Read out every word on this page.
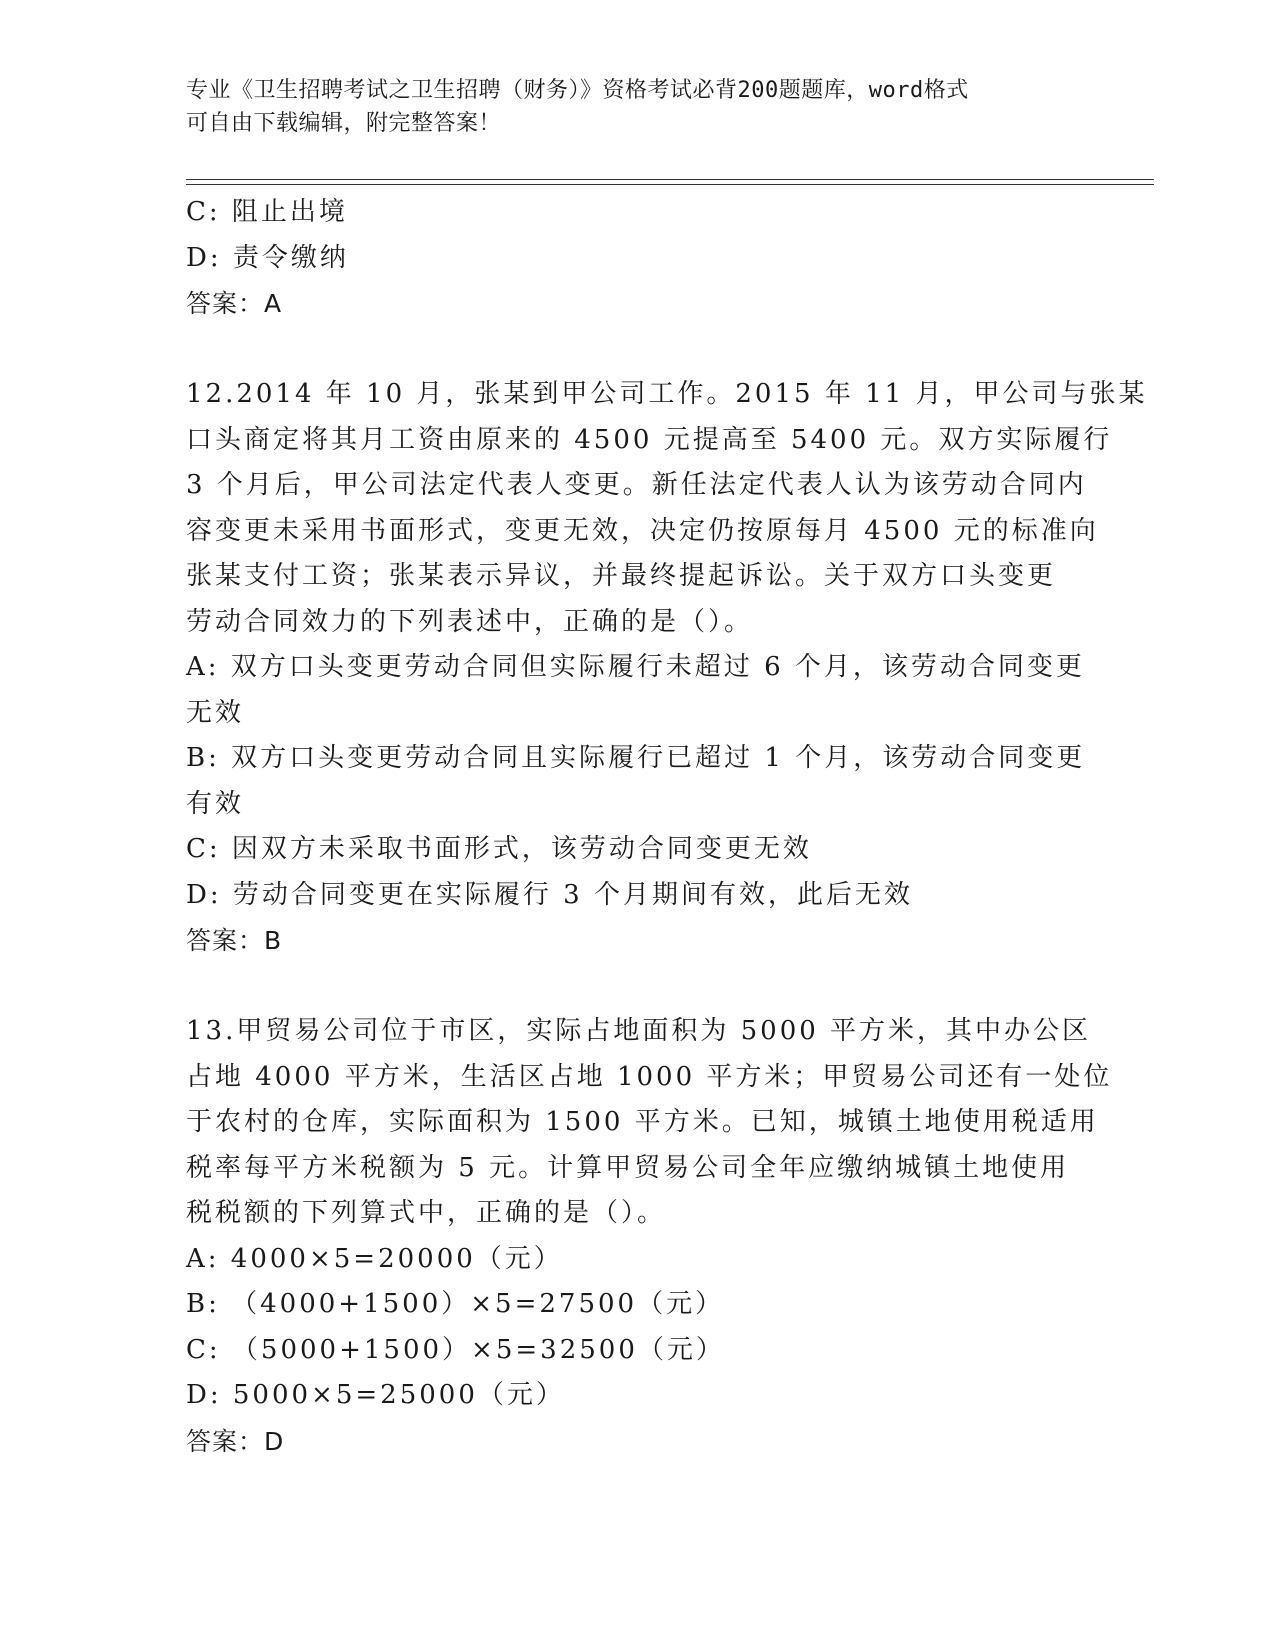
专业《卫生招聘考试之卫生招聘（财务）》资格考试必背200题题库，word格式
可自由下载编辑，附完整答案！
C: 阻止出境
D: 责令缴纳
答案：A
12.2014 年 10 月，张某到甲公司工作。2015 年 11 月，甲公司与张某
口头商定将其月工资由原来的 4500 元提高至 5400 元。双方实际履行
3 个月后，甲公司法定代表人变更。新任法定代表人认为该劳动合同内
容变更未采用书面形式，变更无效，决定仍按原每月 4500 元的标准向
张某支付工资；张某表示异议，并最终提起诉讼。关于双方口头变更
劳动合同效力的下列表述中，正确的是（）。
A: 双方口头变更劳动合同但实际履行未超过 6 个月，该劳动合同变更
无效
B: 双方口头变更劳动合同且实际履行已超过 1 个月，该劳动合同变更
有效
C: 因双方未采取书面形式，该劳动合同变更无效
D: 劳动合同变更在实际履行 3 个月期间有效，此后无效
答案：B
13.甲贸易公司位于市区，实际占地面积为 5000 平方米，其中办公区
占地 4000 平方米，生活区占地 1000 平方米；甲贸易公司还有一处位
于农村的仓库，实际面积为 1500 平方米。已知，城镇土地使用税适用
税率每平方米税额为 5 元。计算甲贸易公司全年应缴纳城镇土地使用
税税额的下列算式中，正确的是（）。
A: 4000×5=20000（元）
B: （4000+1500）×5=27500（元）
C: （5000+1500）×5=32500（元）
D: 5000×5=25000（元）
答案：D
